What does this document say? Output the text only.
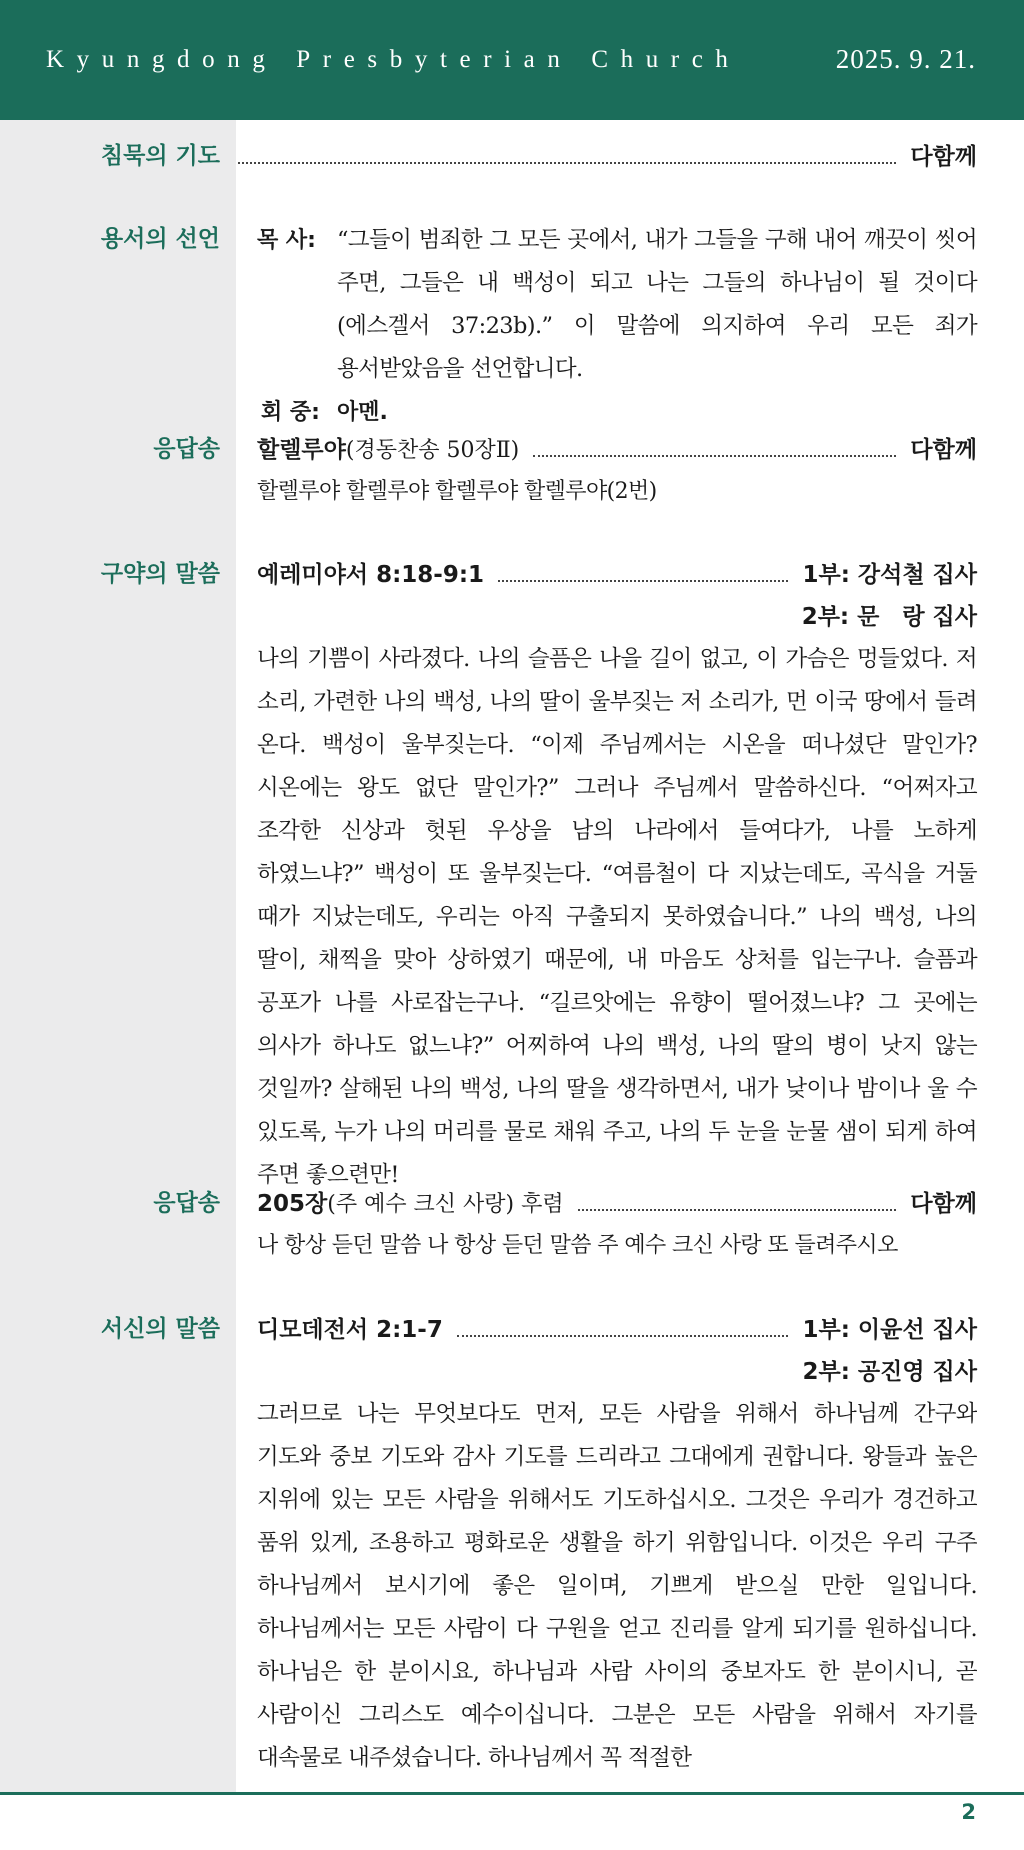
Kyungdong Presbyterian Church	2025. 9. 21.
침묵의 기도	다함께
용서의 선언 목 사: “그들이 범죄한 그 모든 곳에서, 내가 그들을 구해 내어 깨끗이 씻어 주면, 그들은 내 백성이 되고 나는 그들의 하나님이 될 것이다(에스겔서 37:23b).” 이 말씀에 의지하여 우리 모든 죄가 용서받았음을 선언합니다.
회 중: 아멘.
응답송 할렐루야 (경동찬송 50장Ⅱ)	다함께
할렐루야 할렐루야 할렐루야 할렐루야(2번)
구약의 말씀 예레미야서 8:18-9:1	1부: 강석철 집사
2부: 문　랑 집사
나의 기쁨이 사라졌다. 나의 슬픔은 나을 길이 없고, 이 가슴은 멍들었다. 저 소리, 가련한 나의 백성, 나의 딸이 울부짖는 저 소리가, 먼 이국 땅에서 들려 온다. 백성이 울부짖는다. “이제 주님께서는 시온을 떠나셨단 말인가? 시온에는 왕도 없단 말인가?” 그러나 주님께서 말씀하신다. “어쩌자고 조각한 신상과 헛된 우상을 남의 나라에서 들여다가, 나를 노하게 하였느냐?” 백성이 또 울부짖는다. “여름철이 다 지났는데도, 곡식을 거둘 때가 지났는데도, 우리는 아직 구출되지 못하였습니다.” 나의 백성, 나의 딸이, 채찍을 맞아 상하였기 때문에, 내 마음도 상처를 입는구나. 슬픔과 공포가 나를 사로잡는구나. “길르앗에는 유향이 떨어졌느냐? 그 곳에는 의사가 하나도 없느냐?” 어찌하여 나의 백성, 나의 딸의 병이 낫지 않는 것일까? 살해된 나의 백성, 나의 딸을 생각하면서, 내가 낮이나 밤이나 울 수 있도록, 누가 나의 머리를 물로 채워 주고, 나의 두 눈을 눈물 샘이 되게 하여 주면 좋으련만!
응답송 205장 (주 예수 크신 사랑) 후렴	다함께
나 항상 듣던 말씀 나 항상 듣던 말씀 주 예수 크신 사랑 또 들려주시오
서신의 말씀 디모데전서 2:1-7	1부: 이윤선 집사
2부: 공진영 집사
그러므로 나는 무엇보다도 먼저, 모든 사람을 위해서 하나님께 간구와 기도와 중보 기도와 감사 기도를 드리라고 그대에게 권합니다. 왕들과 높은 지위에 있는 모든 사람을 위해서도 기도하십시오. 그것은 우리가 경건하고 품위 있게, 조용하고 평화로운 생활을 하기 위함입니다. 이것은 우리 구주 하나님께서 보시기에 좋은 일이며, 기쁘게 받으실 만한 일입니다. 하나님께서는 모든 사람이 다 구원을 얻고 진리를 알게 되기를 원하십니다. 하나님은 한 분이시요, 하나님과 사람 사이의 중보자도 한 분이시니, 곧 사람이신 그리스도 예수이십니다. 그분은 모든 사람을 위해서 자기를 대속물로 내주셨습니다. 하나님께서 꼭 적절한
2
